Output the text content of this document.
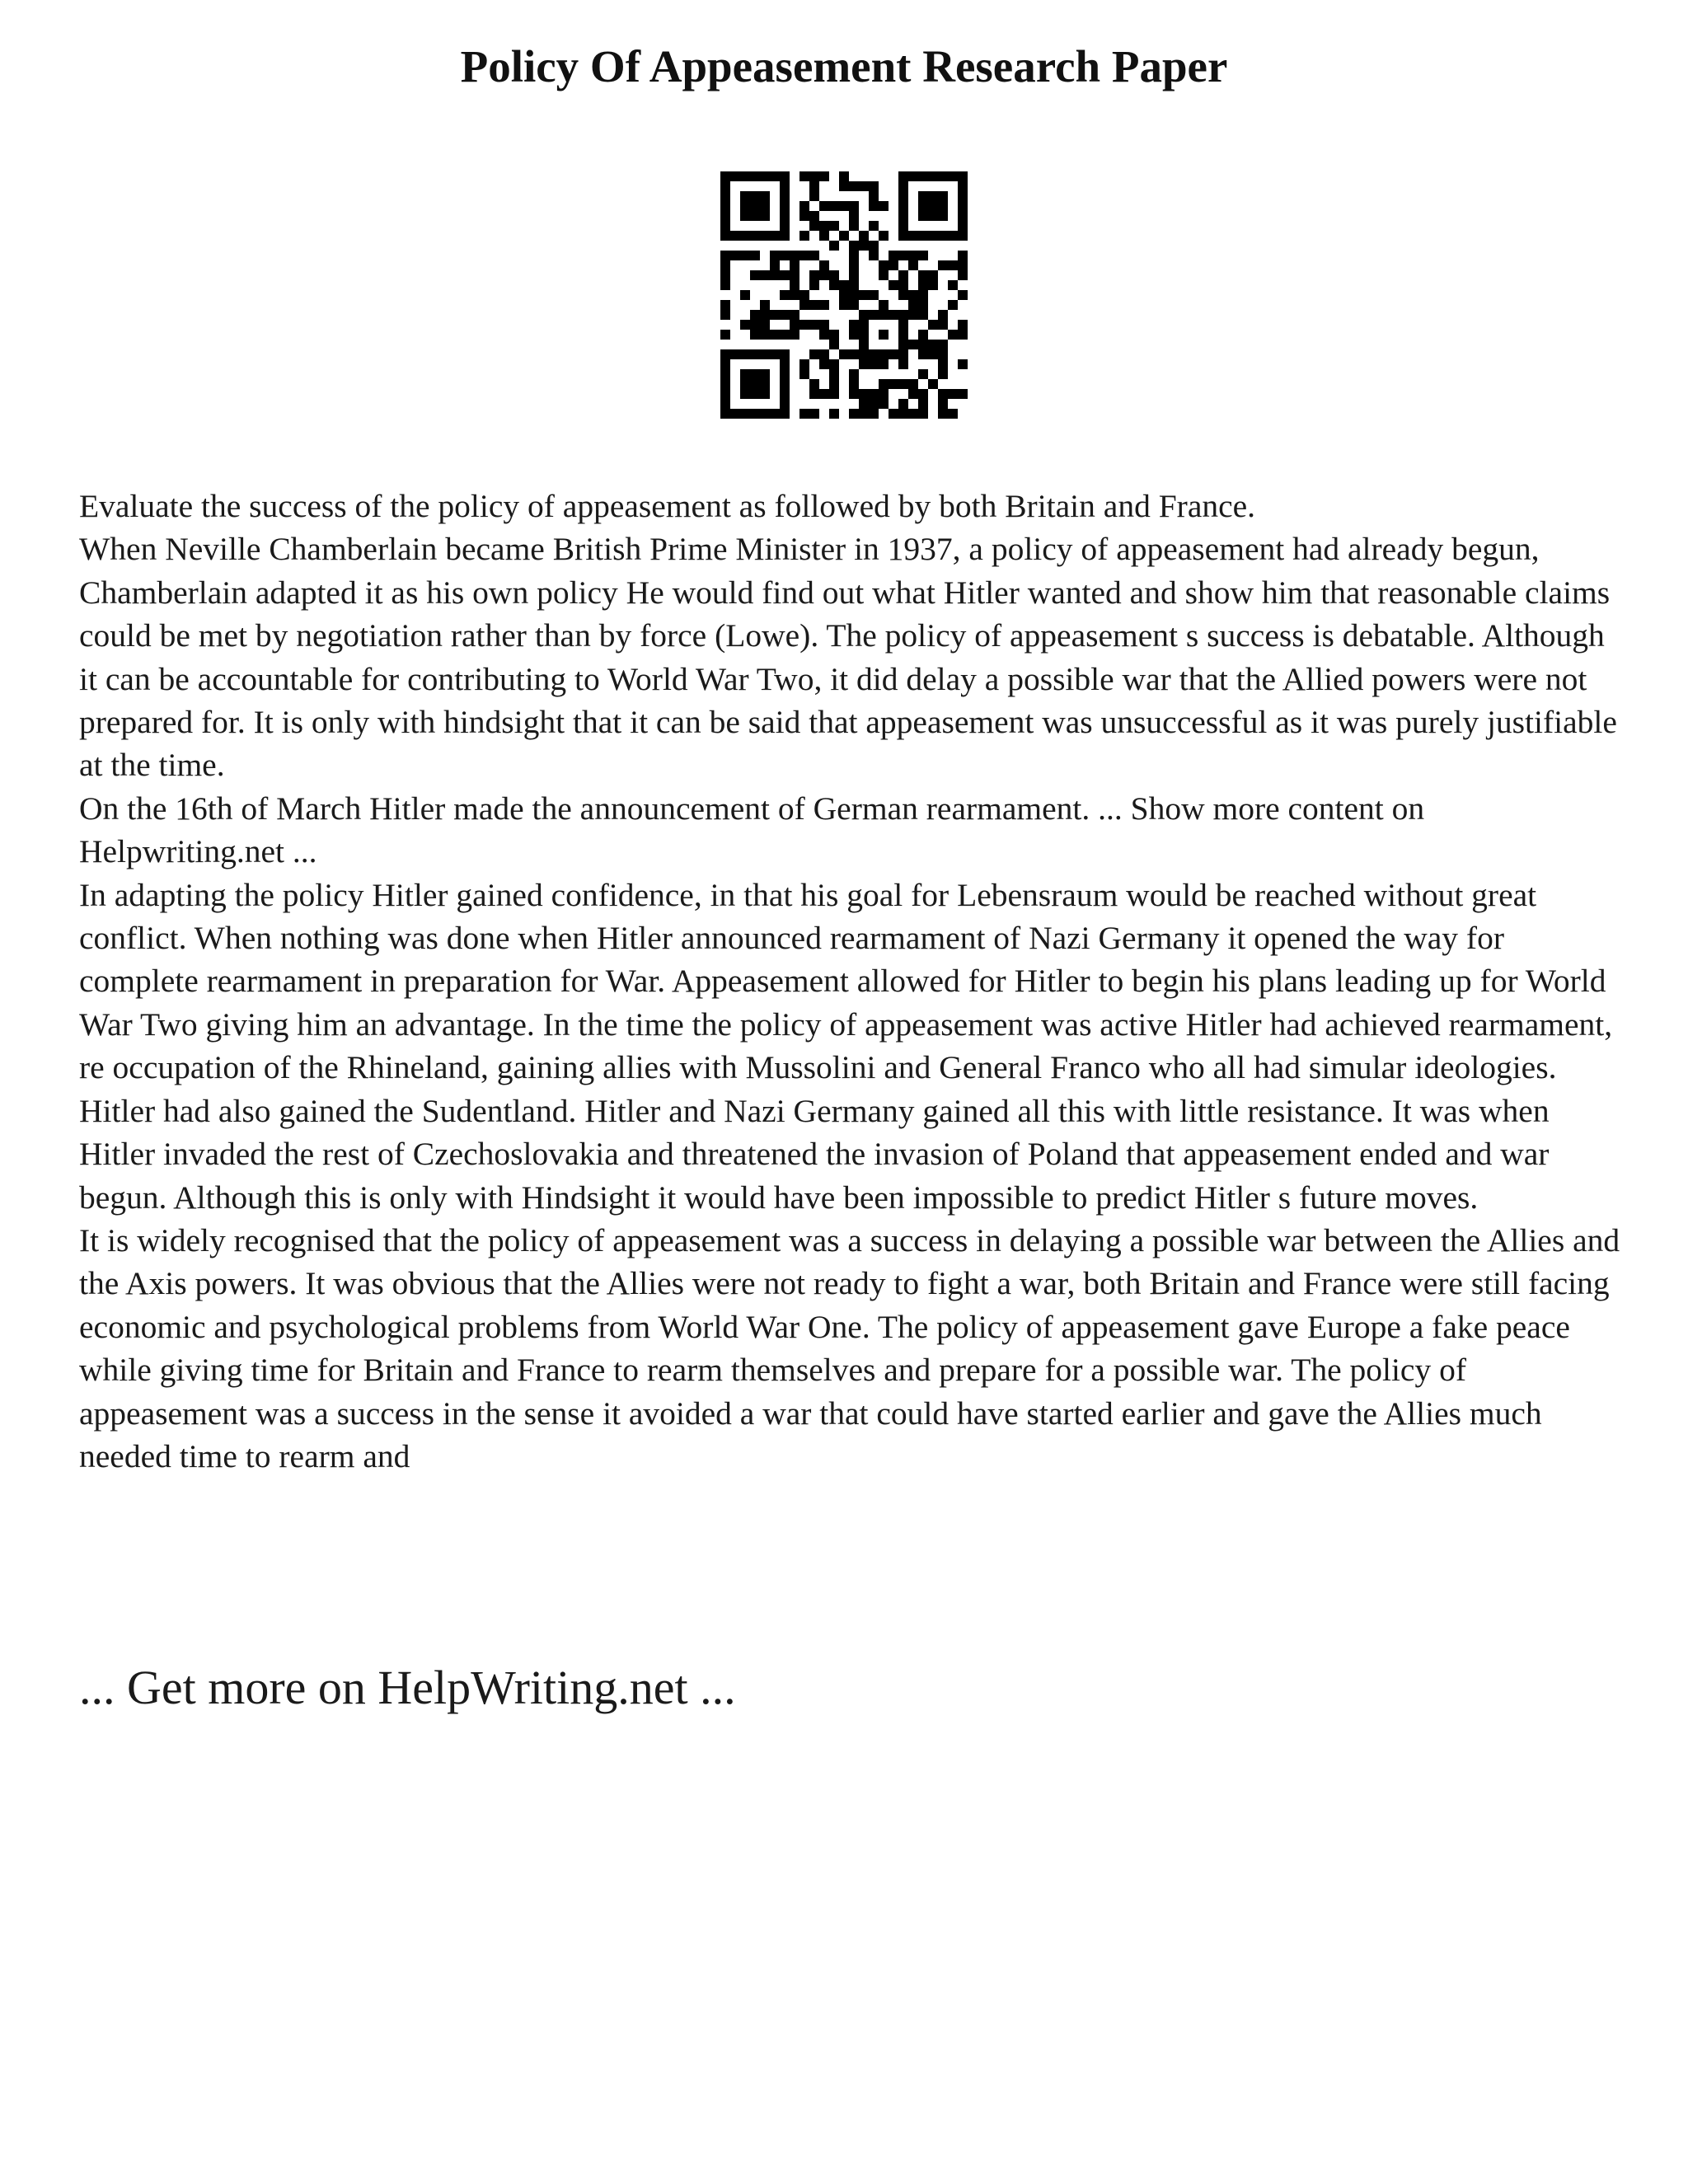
Policy Of Appeasement Research Paper

Evaluate the success of the policy of appeasement as followed by both Britain and France.

When Neville Chamberlain became British Prime Minister in 1937, a policy of appeasement had already begun, Chamberlain adapted it as his own policy He would find out what Hitler wanted and show him that reasonable claims could be met by negotiation rather than by force (Lowe). The policy of appeasement s success is debatable. Although it can be accountable for contributing to World War Two, it did delay a possible war that the Allied powers were not prepared for. It is only with hindsight that it can be said that appeasement was unsuccessful as it was purely justifiable at the time.

On the 16th of March Hitler made the announcement of German rearmament. ... Show more content on Helpwriting.net ...

In adapting the policy Hitler gained confidence, in that his goal for Lebensraum would be reached without great conflict. When nothing was done when Hitler announced rearmament of Nazi Germany it opened the way for complete rearmament in preparation for War. Appeasement allowed for Hitler to begin his plans leading up for World War Two giving him an advantage. In the time the policy of appeasement was active Hitler had achieved rearmament, re occupation of the Rhineland, gaining allies with Mussolini and General Franco who all had simular ideologies. Hitler had also gained the Sudentland. Hitler and Nazi Germany gained all this with little resistance. It was when Hitler invaded the rest of Czechoslovakia and threatened the invasion of Poland that appeasement ended and war begun. Although this is only with Hindsight it would have been impossible to predict Hitler s future moves.

It is widely recognised that the policy of appeasement was a success in delaying a possible war between the Allies and the Axis powers. It was obvious that the Allies were not ready to fight a war, both Britain and France were still facing economic and psychological problems from World War One. The policy of appeasement gave Europe a fake peace while giving time for Britain and France to rearm themselves and prepare for a possible war. The policy of appeasement was a success in the sense it avoided a war that could have started earlier and gave the Allies much needed time to rearm and

... Get more on HelpWriting.net ...
